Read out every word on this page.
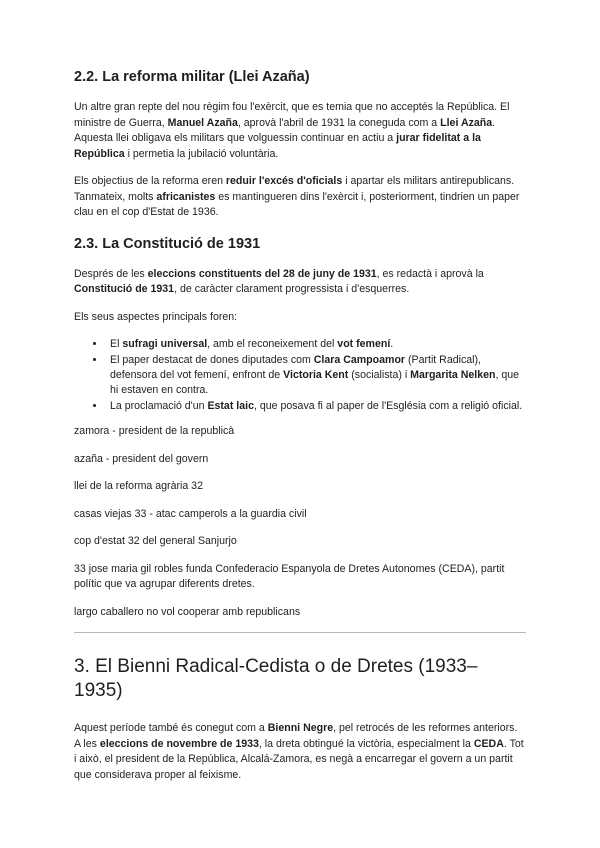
2.2. La reforma militar (Llei Azaña)

Un altre gran repte del nou règim fou l'exèrcit, que es temia que no acceptés la República. El ministre de Guerra, Manuel Azaña, aprovà l'abril de 1931 la coneguda com a Llei Azaña. Aquesta llei obligava els militars que volguessin continuar en actiu a jurar fidelitat a la República i permetia la jubilació voluntària.

Els objectius de la reforma eren reduir l'excés d'oficials i apartar els militars antirepublicans. Tanmateix, molts africanistes es mantingueren dins l'exèrcit i, posteriorment, tindrien un paper clau en el cop d'Estat de 1936.

2.3. La Constitució de 1931

Després de les eleccions constituents del 28 de juny de 1931, es redactà i aprovà la Constitució de 1931, de caràcter clarament progressista i d'esquerres.

Els seus aspectes principals foren:

• El sufragi universal, amb el reconeixement del vot femení.
• El paper destacat de dones diputades com Clara Campoamor (Partit Radical), defensora del vot femení, enfront de Victoria Kent (socialista) i Margarita Nelken, que hi estaven en contra.
• La proclamació d'un Estat laic, que posava fi al paper de l'Església com a religió oficial.

zamora - president de la republicà

azaña - president del govern

llei de la reforma agrària 32

casas viejas 33 - atac camperols a la guardia civil

cop d'estat 32 del general Sanjurjo

33 jose maria gil robles funda Confederacio Espanyola de Dretes Autonomes (CEDA), partit polític que va agrupar diferents dretes.

largo caballero no vol cooperar amb republicans

3. El Bienni Radical-Cedista o de Dretes (1933–1935)

Aquest període també és conegut com a Bienni Negre, pel retrocés de les reformes anteriors. A les eleccions de novembre de 1933, la dreta obtingué la victòria, especialment la CEDA. Tot i això, el president de la República, Alcalá-Zamora, es negà a encarregar el govern a un partit que considerava proper al feixisme.
